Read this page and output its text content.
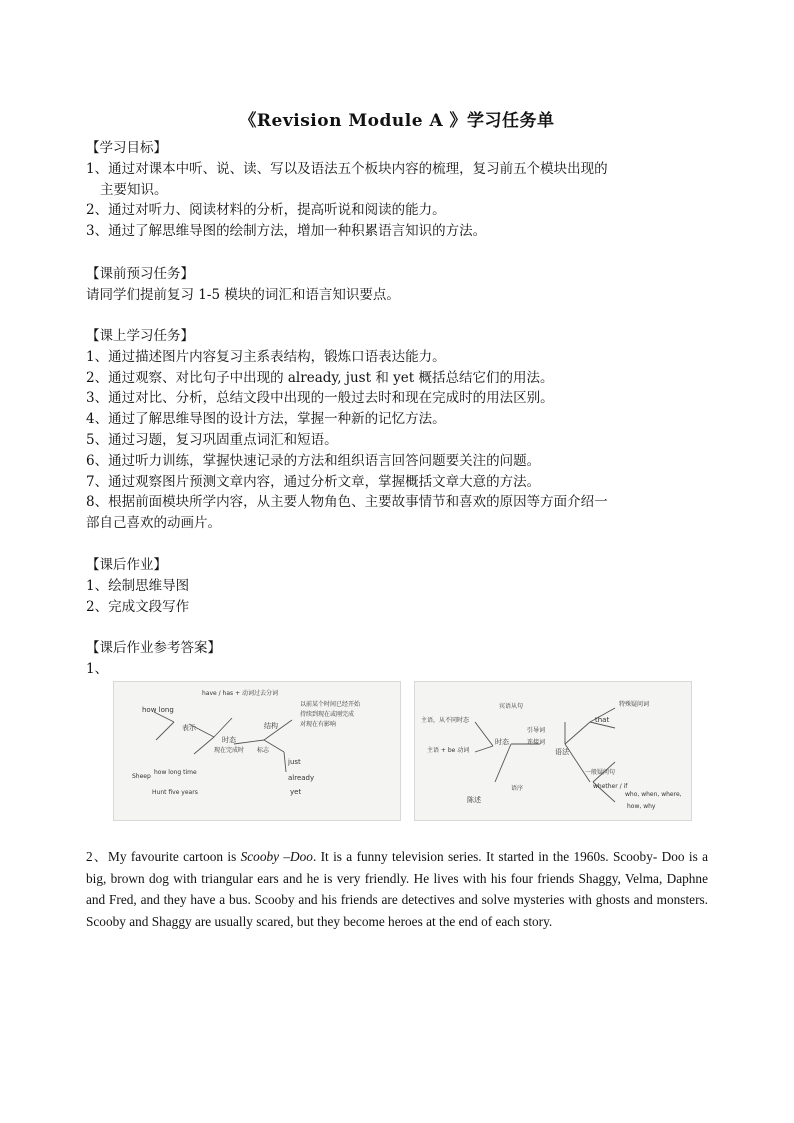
《Revision Module A 》学习任务单
【学习目标】
1、通过对课本中听、说、读、写以及语法五个板块内容的梳理，复习前五个模块出现的
主要知识。
2、通过对听力、阅读材料的分析，提高听说和阅读的能力。
3、通过了解思维导图的绘制方法，增加一种积累语言知识的方法。
【课前预习任务】
请同学们提前复习 1-5 模块的词汇和语言知识要点。
【课上学习任务】
1、通过描述图片内容复习主系表结构，锻炼口语表达能力。
2、通过观察、对比句子中出现的 already, just 和 yet 概括总结它们的用法。
3、通过对比、分析，总结文段中出现的一般过去时和现在完成时的用法区别。
4、通过了解思维导图的设计方法，掌握一种新的记忆方法。
5、通过习题，复习巩固重点词汇和短语。
6、通过听力训练，掌握快速记录的方法和组织语言回答问题要关注的问题。
7、通过观察图片预测文章内容，通过分析文章，掌握概括文章大意的方法。
8、根据前面模块所学内容，从主要人物角色、主要故事情节和喜欢的原因等方面介绍一
部自己喜欢的动画片。
【课后作业】
1、绘制思维导图
2、完成文段写作
【课后作业参考答案】
1、
how long
have / has + 动词过去分词
时态
现在完成时
表示	结构
标志
how long time
Sheep
Hunt five years
just
already
yet
以前某个时间已经开始
持续到现在或刚完成
对现在有影响
主语，从不同时态
主语 + be 动词
时态
语法
宾语从句
引导词
连接词
that
whether / if
who, when, where,
how, why
陈述
语序
特殊疑问词
一般疑问句
2、My favourite cartoon is Scooby –Doo. It is a funny television series. It started in the 1960s. Scooby- Doo is a big, brown dog with triangular ears and he is very friendly. He lives with his four friends Shaggy, Velma, Daphne and Fred, and they have a bus. Scooby and his friends are detectives and solve mysteries with ghosts and monsters. Scooby and Shaggy are usually scared, but they become heroes at the end of each story.
